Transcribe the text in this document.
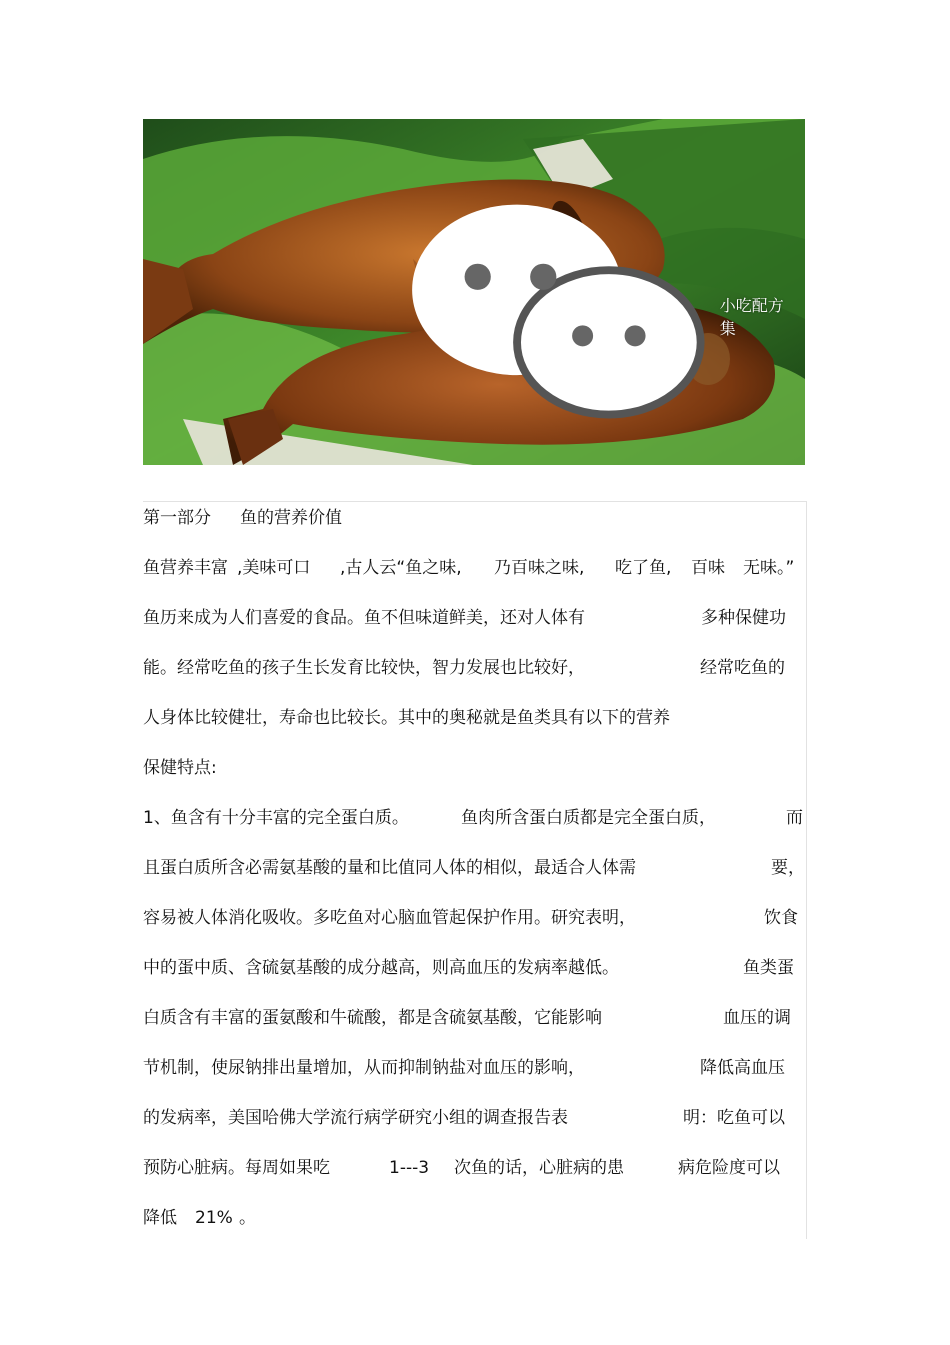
小吃配方集
第一部分 鱼的营养价值
鱼营养丰富 ,美味可口 ,古人云“鱼之味, 乃百味之味, 吃了鱼, 百味 无味。”
鱼历来成为人们喜爱的食品。鱼不但味道鲜美，还对人体有	多种保健功
能。经常吃鱼的孩子生长发育比较快，智力发展也比较好，	经常吃鱼的
人身体比较健壮，寿命也比较长。其中的奥秘就是鱼类具有以下的营养
保健特点:
1、鱼含有十分丰富的完全蛋白质。	鱼肉所含蛋白质都是完全蛋白质，	而
且蛋白质所含必需氨基酸的量和比值同人体的相似，最适合人体需	要，
容易被人体消化吸收。多吃鱼对心脑血管起保护作用。研究表明，	饮食
中的蛋中质、含硫氨基酸的成分越高，则高血压的发病率越低。	鱼类蛋
白质含有丰富的蛋氨酸和牛硫酸，都是含硫氨基酸，它能影响	血压的调
节机制，使尿钠排出量增加，从而抑制钠盐对血压的影响，	降低高血压
的发病率，美国哈佛大学流行病学研究小组的调查报告表	明：吃鱼可以
预防心脏病。每周如果吃	1---3 次鱼的话，心脏病的患	病危险度可以
降低 21% 。
